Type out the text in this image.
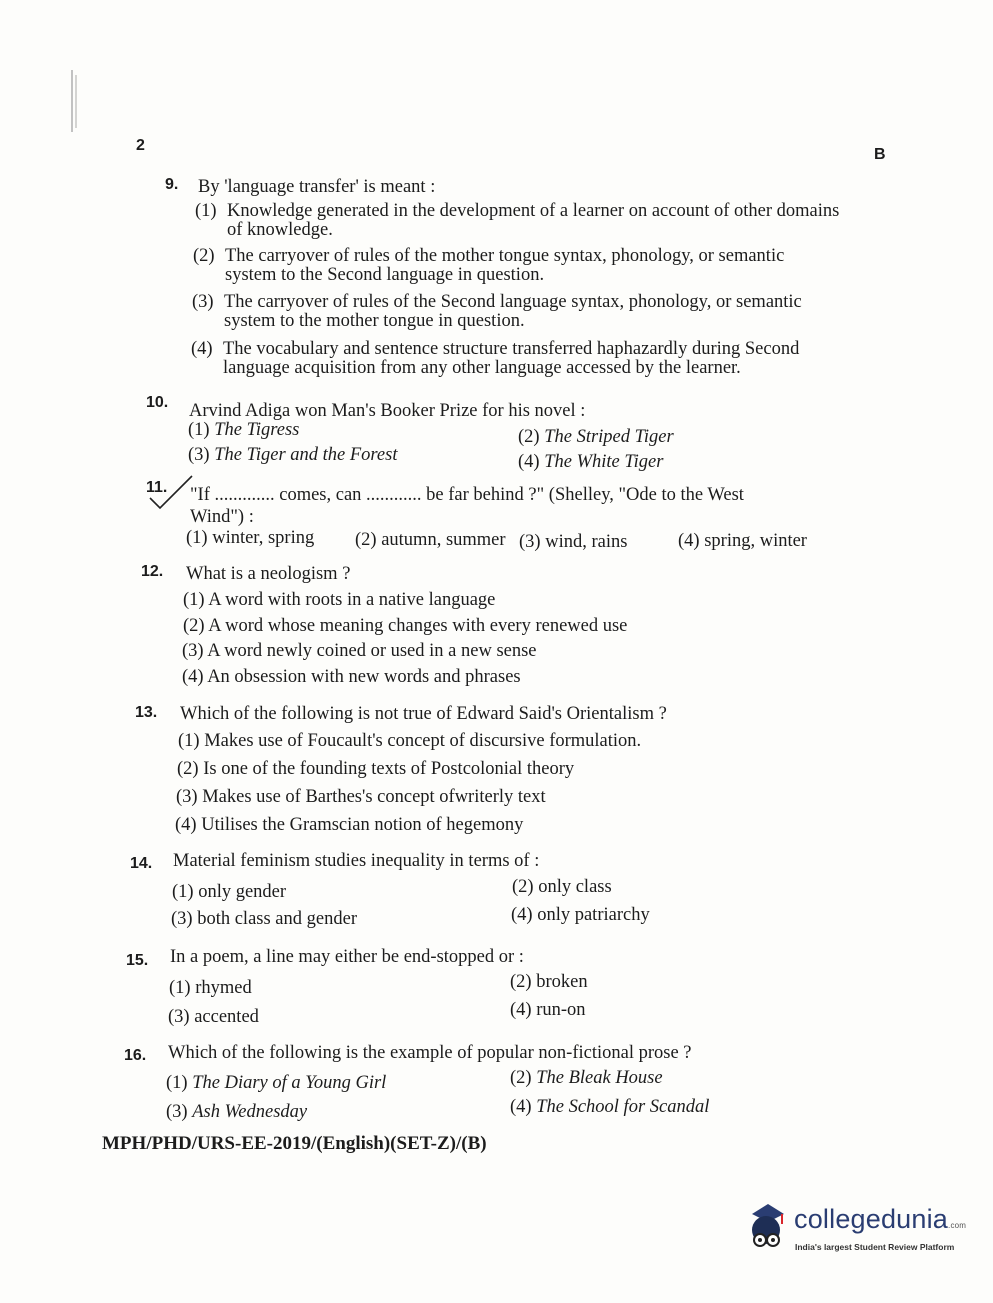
2
B
9. By 'language transfer' is meant :
(1) Knowledge generated in the development of a learner on account of other domains
of knowledge.
(2) The carryover of rules of the mother tongue syntax, phonology, or semantic
system to the Second language in question.
(3) The carryover of rules of the Second language syntax, phonology, or semantic
system to the mother tongue in question.
(4) The vocabulary and sentence structure transferred haphazardly during Second
language acquisition from any other language accessed by the learner.
10. Arvind Adiga won Man's Booker Prize for his novel :
(1) The Tigress	(2) The Striped Tiger
(3) The Tiger and the Forest	(4) The White Tiger
11. "If ............. comes, can ............ be far behind ?" (Shelley, "Ode to the West
Wind") :
(1) winter, spring (2) autumn, summer (3) wind, rains	(4) spring, winter
12. What is a neologism ?
(1) A word with roots in a native language
(2) A word whose meaning changes with every renewed use
(3) A word newly coined or used in a new sense
(4) An obsession with new words and phrases
13. Which of the following is not true of Edward Said's Orientalism ?
(1) Makes use of Foucault's concept of discursive formulation.
(2) Is one of the founding texts of Postcolonial theory
(3) Makes use of Barthes's concept ofwriterly text
(4) Utilises the Gramscian notion of hegemony
14. Material feminism studies inequality in terms of :
(1) only gender	(2) only class
(3) both class and gender	(4) only patriarchy
15. In a poem, a line may either be end-stopped or :
(1) rhymed	(2) broken
(3) accented	(4) run-on
16. Which of the following is the example of popular non-fictional prose ?
(1) The Diary of a Young Girl	(2) The Bleak House
(3) Ash Wednesday	(4) The School for Scandal
MPH/PHD/URS-EE-2019/(English)(SET-Z)/(B)
collegedunia.com
India's largest Student Review Platform
